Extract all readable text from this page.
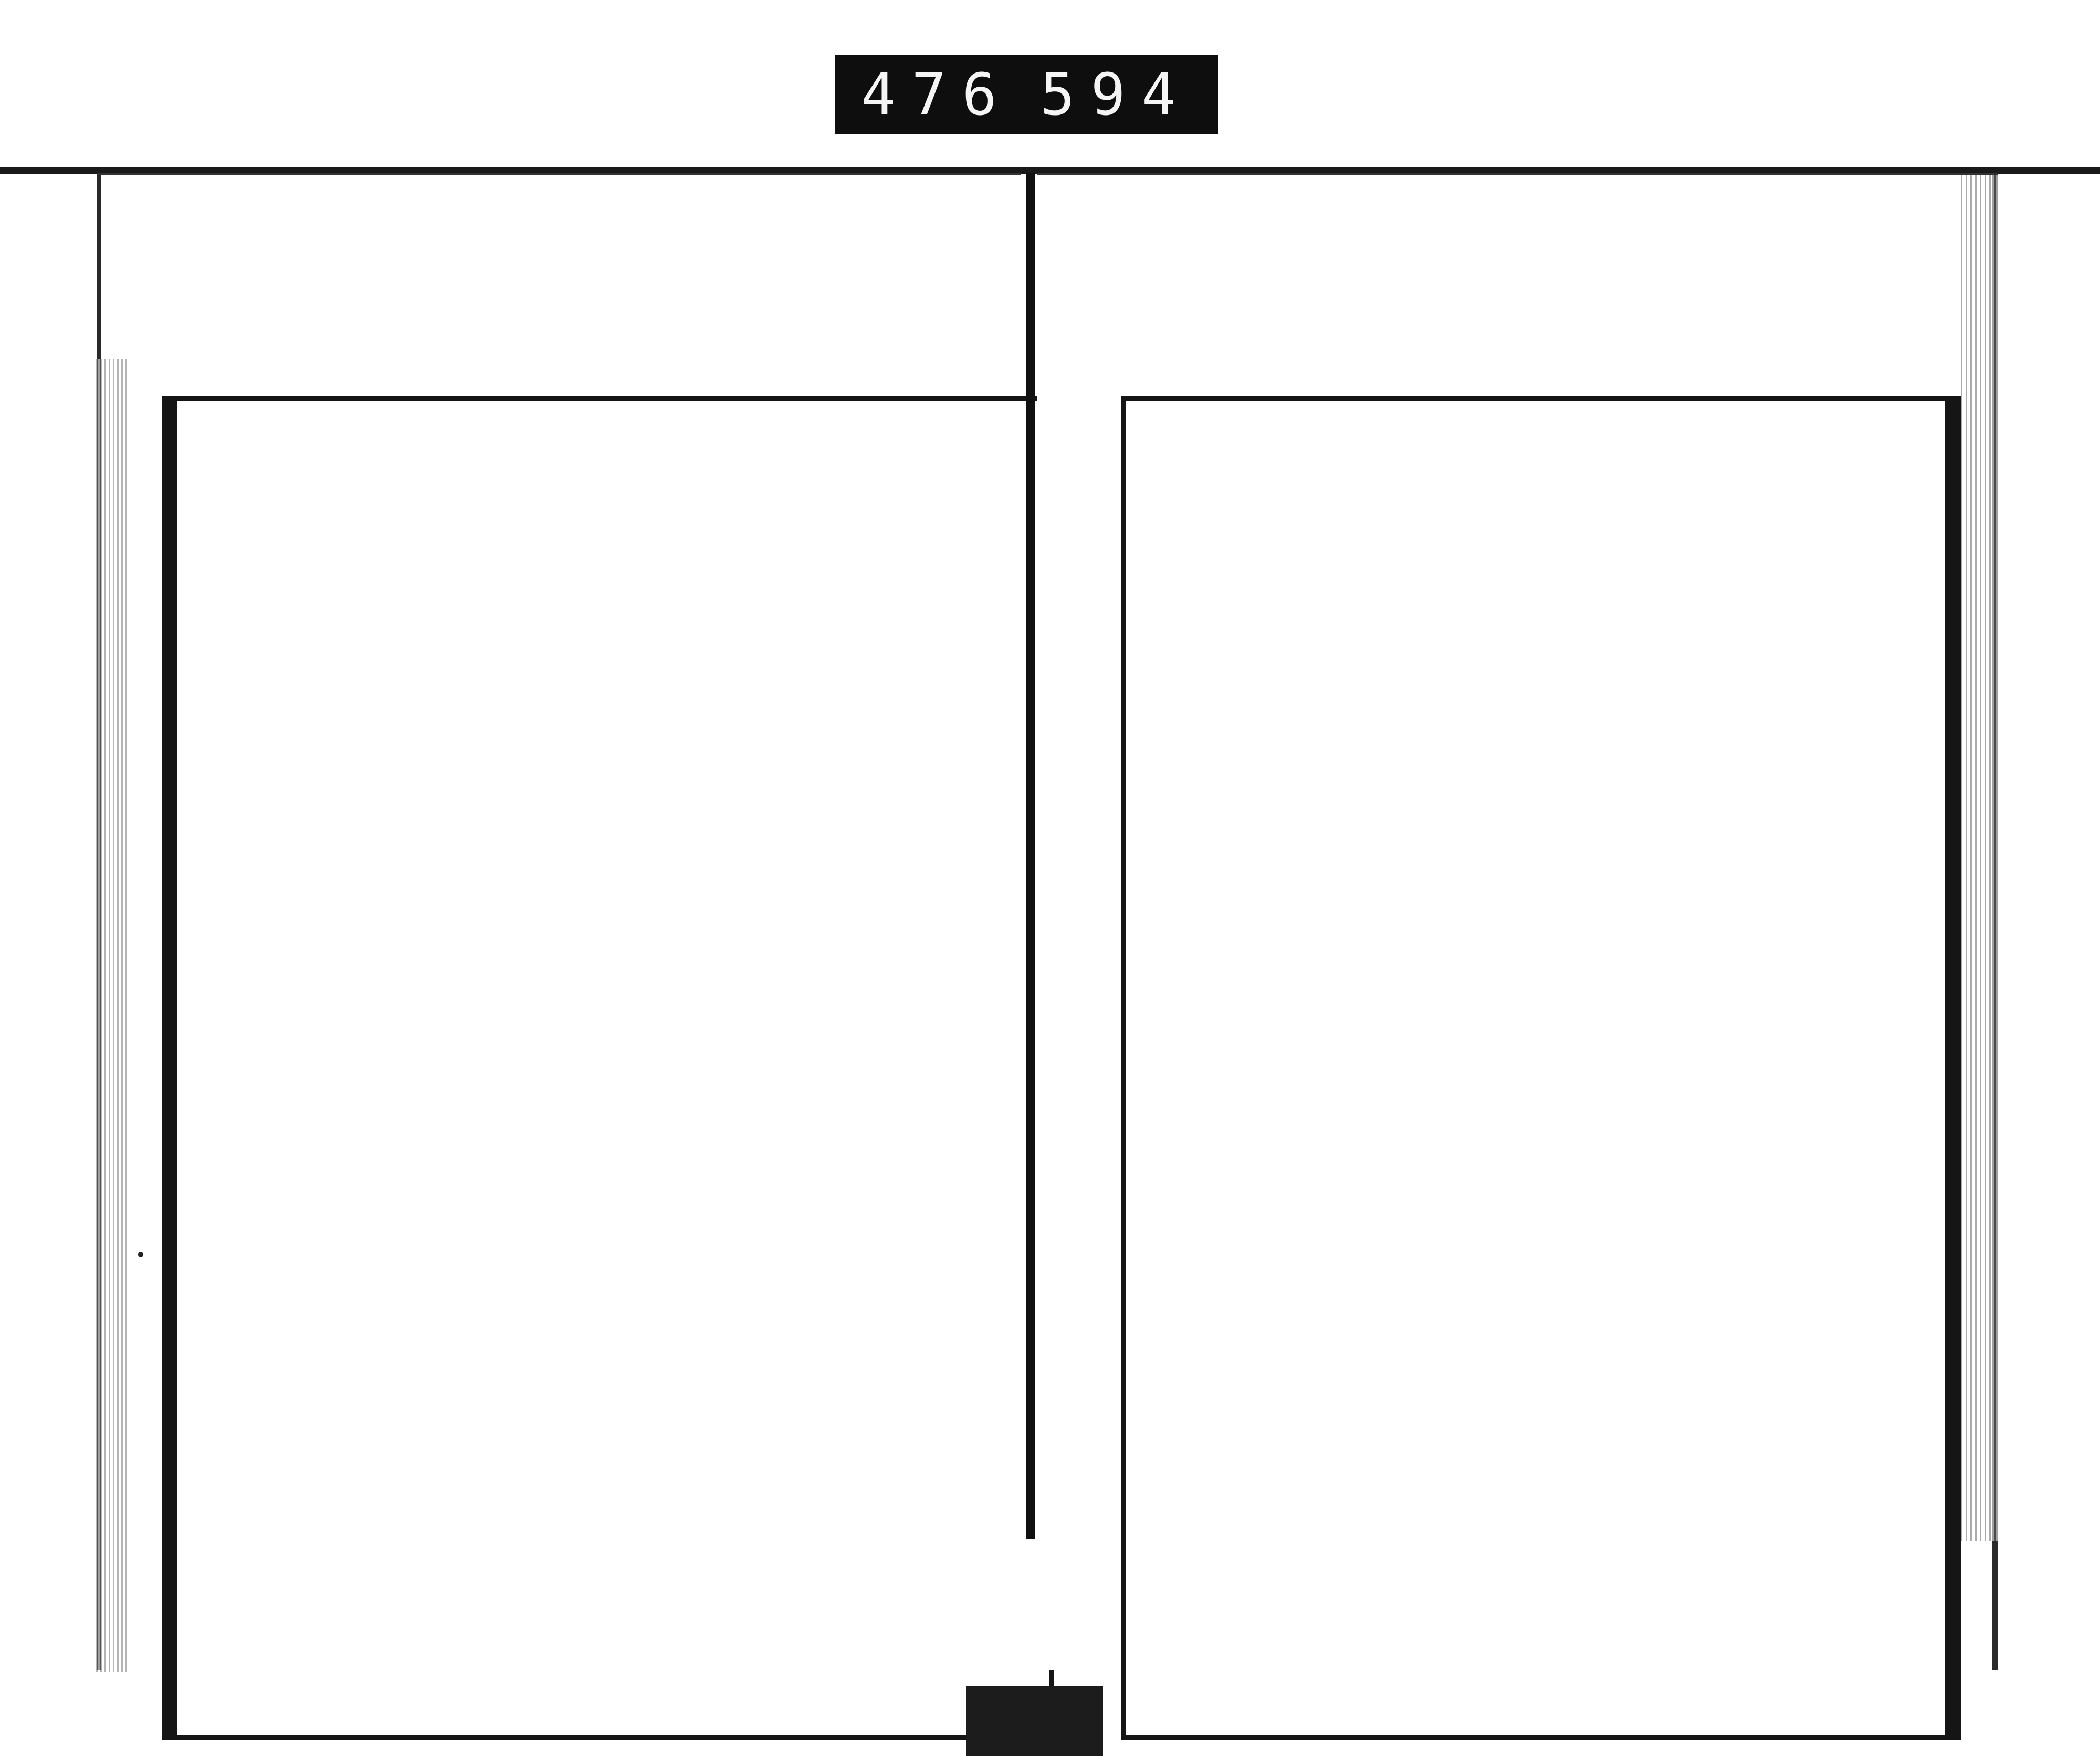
476 594
